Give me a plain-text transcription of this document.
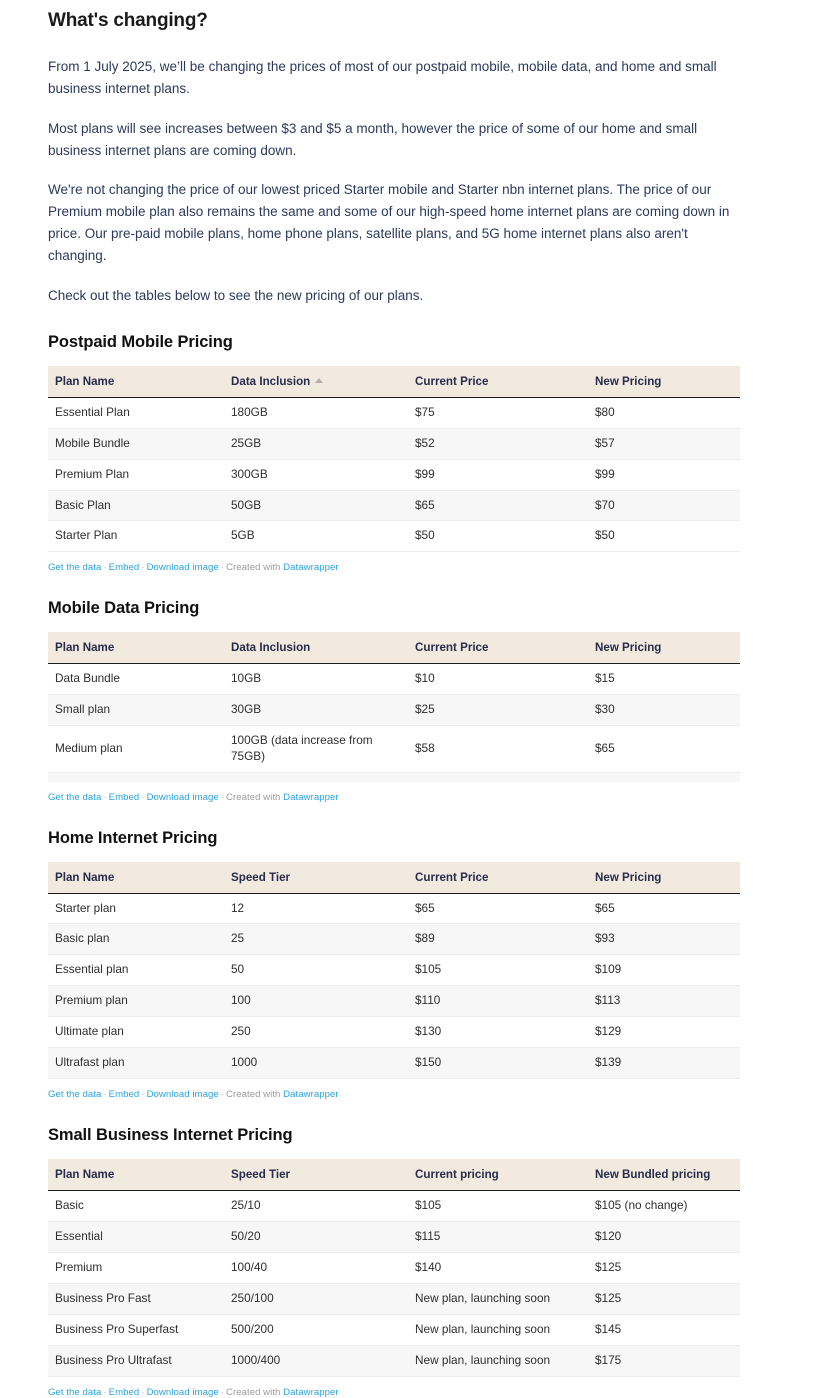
What's changing?

From 1 July 2025, we’ll be changing the prices of most of our postpaid mobile, mobile data, and home and small business internet plans.

Most plans will see increases between $3 and $5 a month, however the price of some of our home and small business internet plans are coming down.

We're not changing the price of our lowest priced Starter mobile and Starter nbn internet plans. The price of our Premium mobile plan also remains the same and some of our high-speed home internet plans are coming down in price. Our pre-paid mobile plans, home phone plans, satellite plans, and 5G home internet plans also aren't changing.

Check out the tables below to see the new pricing of our plans.

Postpaid Mobile Pricing
Plan Name	Data Inclusion	Current Price	New Pricing
Essential Plan	180GB	$75	$80
Mobile Bundle	25GB	$52	$57
Premium Plan	300GB	$99	$99
Basic Plan	50GB	$65	$70
Starter Plan	5GB	$50	$50
Get the data · Embed · Download image · Created with Datawrapper
Mobile Data Pricing
Plan Name	Data Inclusion	Current Price	New Pricing
Data Bundle	10GB	$10	$15
Small plan	30GB	$25	$30
Medium plan	100GB (data increase from 75GB)	$58	$65

Get the data · Embed · Download image · Created with Datawrapper
Home Internet Pricing
Plan Name	Speed Tier	Current Price	New Pricing
Starter plan	12	$65	$65
Basic plan	25	$89	$93
Essential plan	50	$105	$109
Premium plan	100	$110	$113
Ultimate plan	250	$130	$129
Ultrafast plan	1000	$150	$139
Get the data · Embed · Download image · Created with Datawrapper
Small Business Internet Pricing
Plan Name	Speed Tier	Current pricing	New Bundled pricing
Basic	25/10	$105	$105 (no change)
Essential	50/20	$115	$120
Premium	100/40	$140	$125
Business Pro Fast	250/100	New plan, launching soon	$125
Business Pro Superfast	500/200	New plan, launching soon	$145
Business Pro Ultrafast	1000/400	New plan, launching soon	$175
Get the data · Embed · Download image · Created with Datawrapper
